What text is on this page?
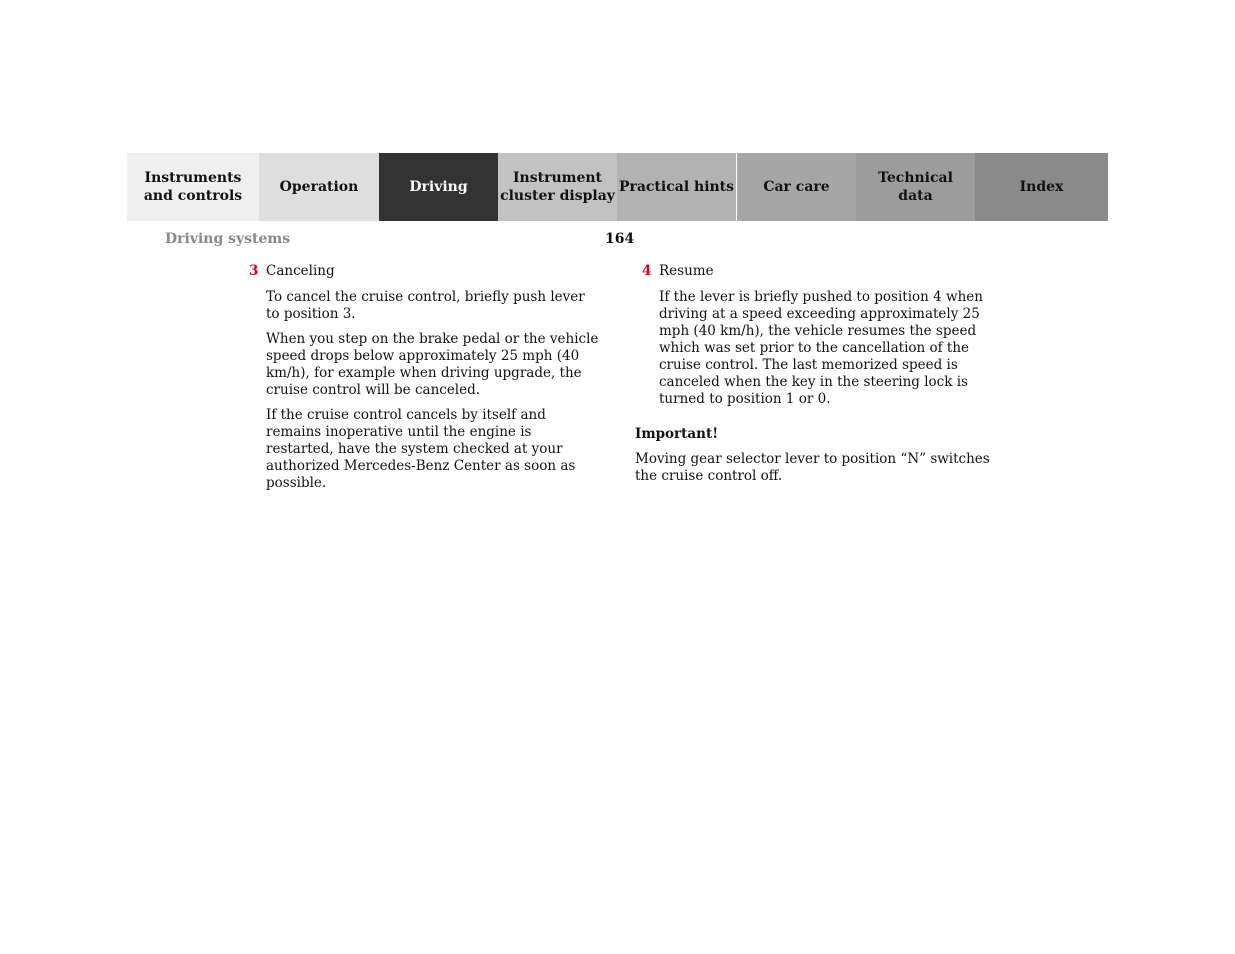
Instruments
and controls
Operation	Driving
Instrument
cluster display
Practical hints Car care
Technical
data
Index
Driving systems	164
3 Canceling

To cancel the cruise control, briefly push lever to position 3.

When you step on the brake pedal or the vehicle speed drops below approximately 25 mph (40 km/h), for example when driving upgrade, the cruise control will be canceled.

If the cruise control cancels by itself and remains inoperative until the engine is restarted, have the system checked at your authorized Mercedes-Benz Center as soon as possible.

4 Resume

If the lever is briefly pushed to position 4 when driving at a speed exceeding approximately 25 mph (40 km/h), the vehicle resumes the speed which was set prior to the cancellation of the cruise control. The last memorized speed is canceled when the key in the steering lock is turned to position 1 or 0.

Important!

Moving gear selector lever to position “N” switches the cruise control off.
